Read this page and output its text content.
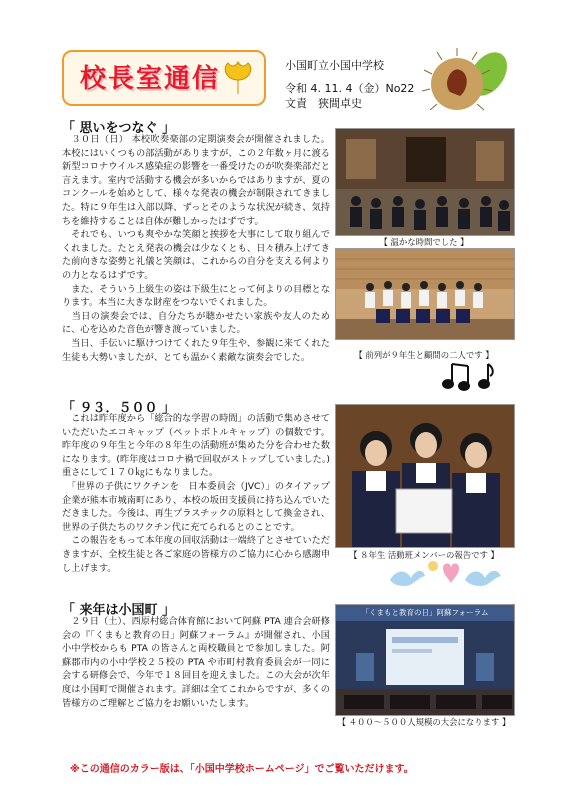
校長室通信	小国町立小国中学校
令和 4. 11. 4（金）No22
文責　狹間卓史
「 思いをつなぐ 」
　３０日（日） 本校吹奏楽部の定期演奏会が開催されました。本校にはいくつもの部活動がありますが、この２年数ヶ月に渡る新型コロナウイルス感染症の影響を一番受けたのが吹奏楽部だと言えます。室内で活動する機会が多いからではありますが、夏のコンクールを始めとして、様々な発表の機会が制限されてきました。特に９年生は入部以降、ずっとそのような状況が続き、気持ちを維持することは自体が難しかったはずです。
　それでも、いつも爽やかな笑顔と挨拶を大事にして取り組んでくれました。たとえ発表の機会は少なくとも、日々積み上げてきた前向きな姿勢と礼儀と笑顔は、これからの自分を支える何よりの力となるはずです。
　また、そういう上級生の姿は下級生にとって何よりの目標となります。本当に大きな財産をつないでくれました。
　当日の演奏会では、自分たちが聴かせたい家族や友人のために、心を込めた音色が響き渡っていました。
　当日、手伝いに駆けつけてくれた９年生や、参観に来てくれた生徒も大勢いましたが、とても温かく素敵な演奏会でした。
【 温かな時間でした 】
【 前列が９年生と顧問の二人です 】
「 ９３．５００ 」
　これは昨年度から「総合的な学習の時間」の活動で集めさせていただいたエコキャップ（ペットボトルキャップ）の個数です。昨年度の９年生と今年の８年生の活動班が集めた分を合わせた数になります。(昨年度はコロナ禍で回収がストップしていました。) 重さにして１７０㎏にもなりました。
　「世界の子供にワクチンを　日本委員会（JVC）」のタイアップ企業が熊本市城南町にあり、本校の坂田支援員に持ち込んでいただきました。今後は、再生プラスチックの原料として換金され、世界の子供たちのワクチン代に充てられるとのことです。
　この報告をもって本年度の回収活動は一端終了とさせていただきますが、全校生徒と各ご家庭の皆様方のご協力に心から感謝申し上げます。
【 ８年生 活動班メンバーの報告です 】
「 来年は小国町 」
　２９日（土）、西原村総合体育館において阿蘇 PTA 連合会研修会の『「くまもと教育の日」阿蘇フォーラム』が開催され、小国小中学校からも PTA の皆さんと両校職員とで参加しました。阿蘇郡市内の小中学校２５校の PTA や市町村教育委員会が一同に会する研修会で、今年で１８回目を迎えました。この大会が次年度は小国町で開催されます。詳細は全てこれからですが、多くの皆様方のご理解とご協力をお願いいたします。
「くまもと教育の日」阿蘇フォーラム
【 ４００～５００人規模の大会になります 】
※この通信のカラー版は、「小国中学校ホームページ」でご覧いただけます。
